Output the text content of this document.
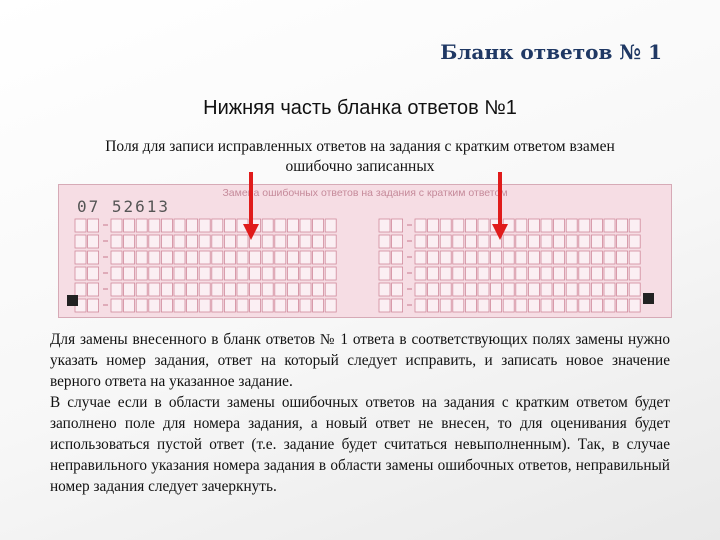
Бланк ответов № 1
Нижняя часть бланка ответов №1
Поля для записи исправленных ответов на задания с кратким ответом взамен
ошибочно записанных
Замена ошибочных ответов на задания с кратким ответом
07 52613

Для замены внесенного в бланк ответов № 1 ответа в соответствующих полях замены нужно указать номер задания, ответ на который следует исправить, и записать новое значение верного ответа на указанное задание.

В случае если в области замены ошибочных ответов на задания с кратким ответом будет заполнено поле для номера задания, а новый ответ не внесен, то для оценивания будет использоваться пустой ответ (т.е. задание будет считаться невыполненным). Так, в случае неправильного указания номера задания в области замены ошибочных ответов, неправильный номер задания следует зачеркнуть.
